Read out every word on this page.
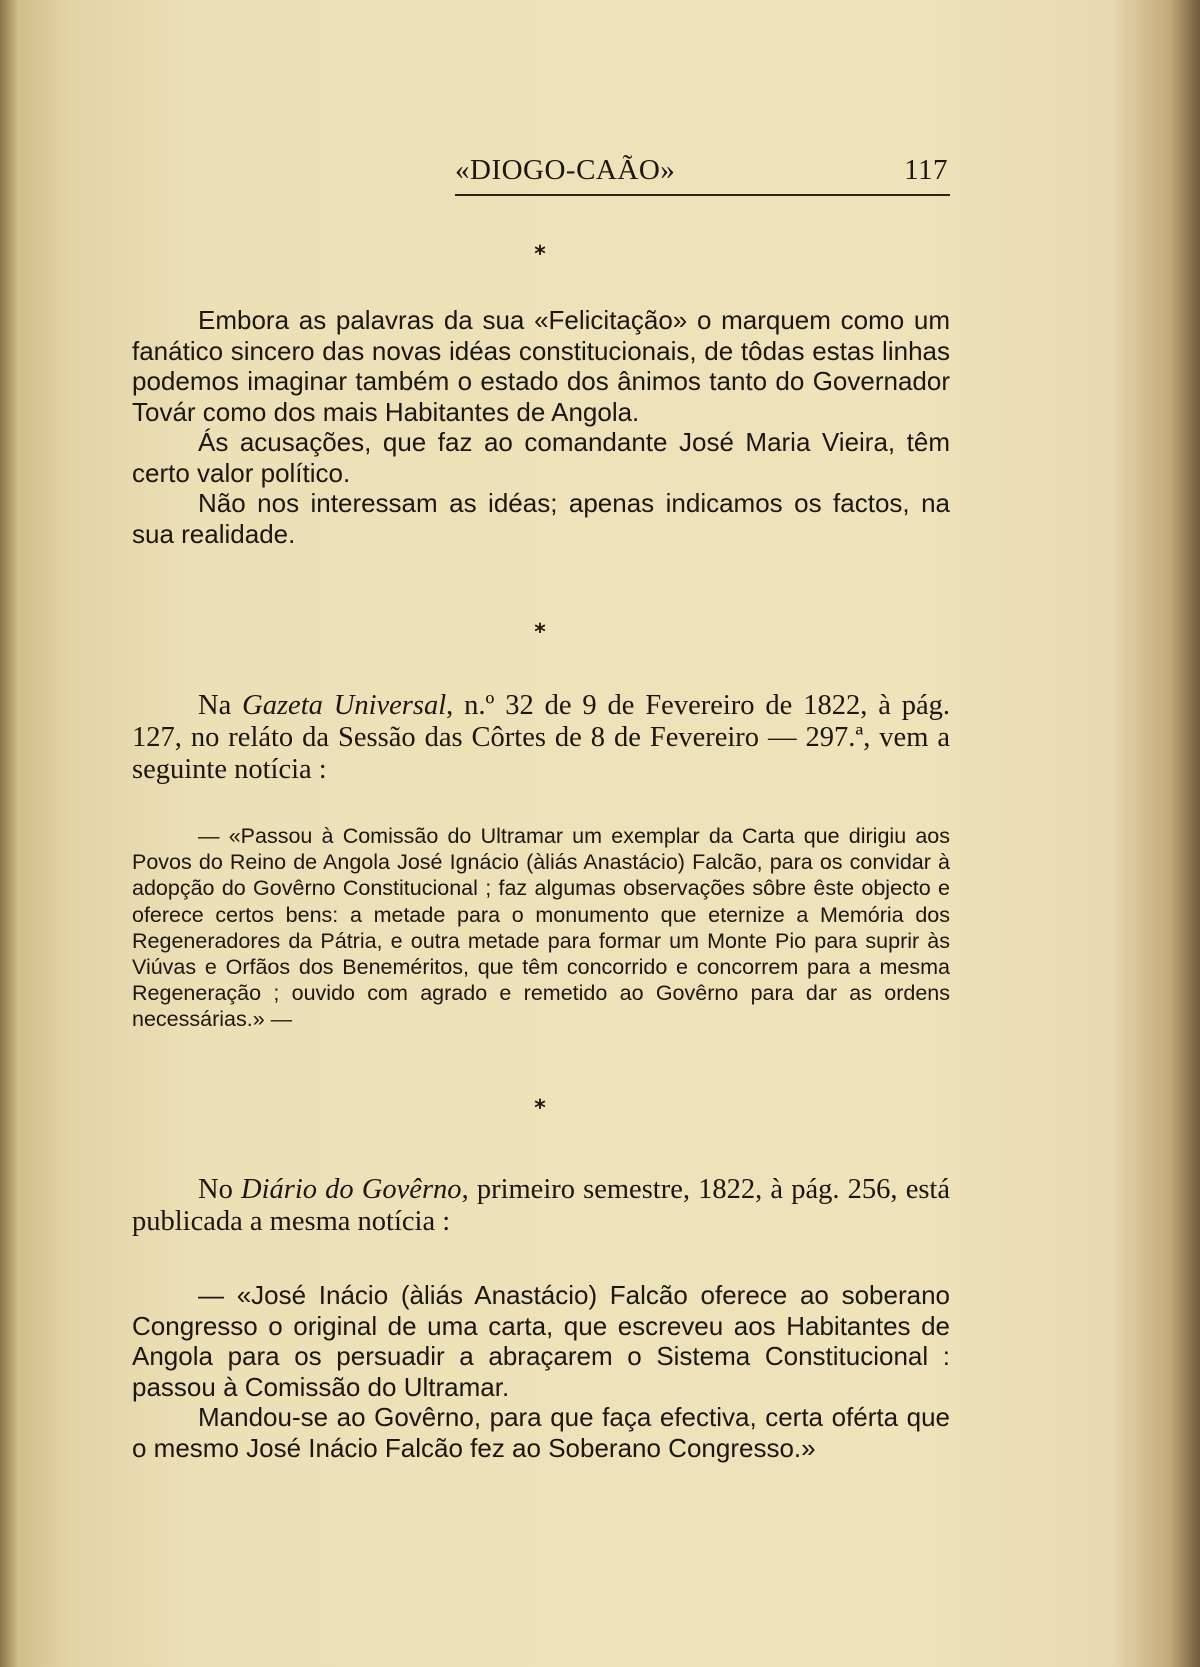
«DIOGO-CAÃO»	117
*

Embora as palavras da sua «Felicitação» o marquem como um fanático sincero das novas idéas constitucionais, de tôdas estas linhas podemos imaginar também o estado dos ânimos tanto do Governador Továr como dos mais Habitantes de Angola.

Ás acusações, que faz ao comandante José Maria Vieira, têm certo valor político.

Não nos interessam as idéas; apenas indicamos os factos, na sua realidade.

*

Na Gazeta Universal, n.º 32 de 9 de Fevereiro de 1822, à pág. 127, no reláto da Sessão das Côrtes de 8 de Fevereiro — 297.ª, vem a seguinte notícia :

— «Passou à Comissão do Ultramar um exemplar da Carta que dirigiu aos Povos do Reino de Angola José Ignácio (àliás Anastácio) Falcão, para os convidar à adopção do Govêrno Constitucional ; faz algumas observações sôbre êste objecto e oferece certos bens: a metade para o monumento que eternize a Memória dos Regeneradores da Pátria, e outra metade para formar um Monte Pio para suprir às Viúvas e Orfãos dos Beneméritos, que têm concorrido e concorrem para a mesma Regeneração ; ouvido com agrado e remetido ao Govêrno para dar as ordens necessárias.» —

*

No Diário do Govêrno, primeiro semestre, 1822, à pág. 256, está publicada a mesma notícia :

— «José Inácio (àliás Anastácio) Falcão oferece ao soberano Congresso o original de uma carta, que escreveu aos Habitantes de Angola para os persuadir a abraçarem o Sistema Constitucional : passou à Comissão do Ultramar.

Mandou-se ao Govêrno, para que faça efectiva, certa oférta que o mesmo José Inácio Falcão fez ao Soberano Congresso.»
